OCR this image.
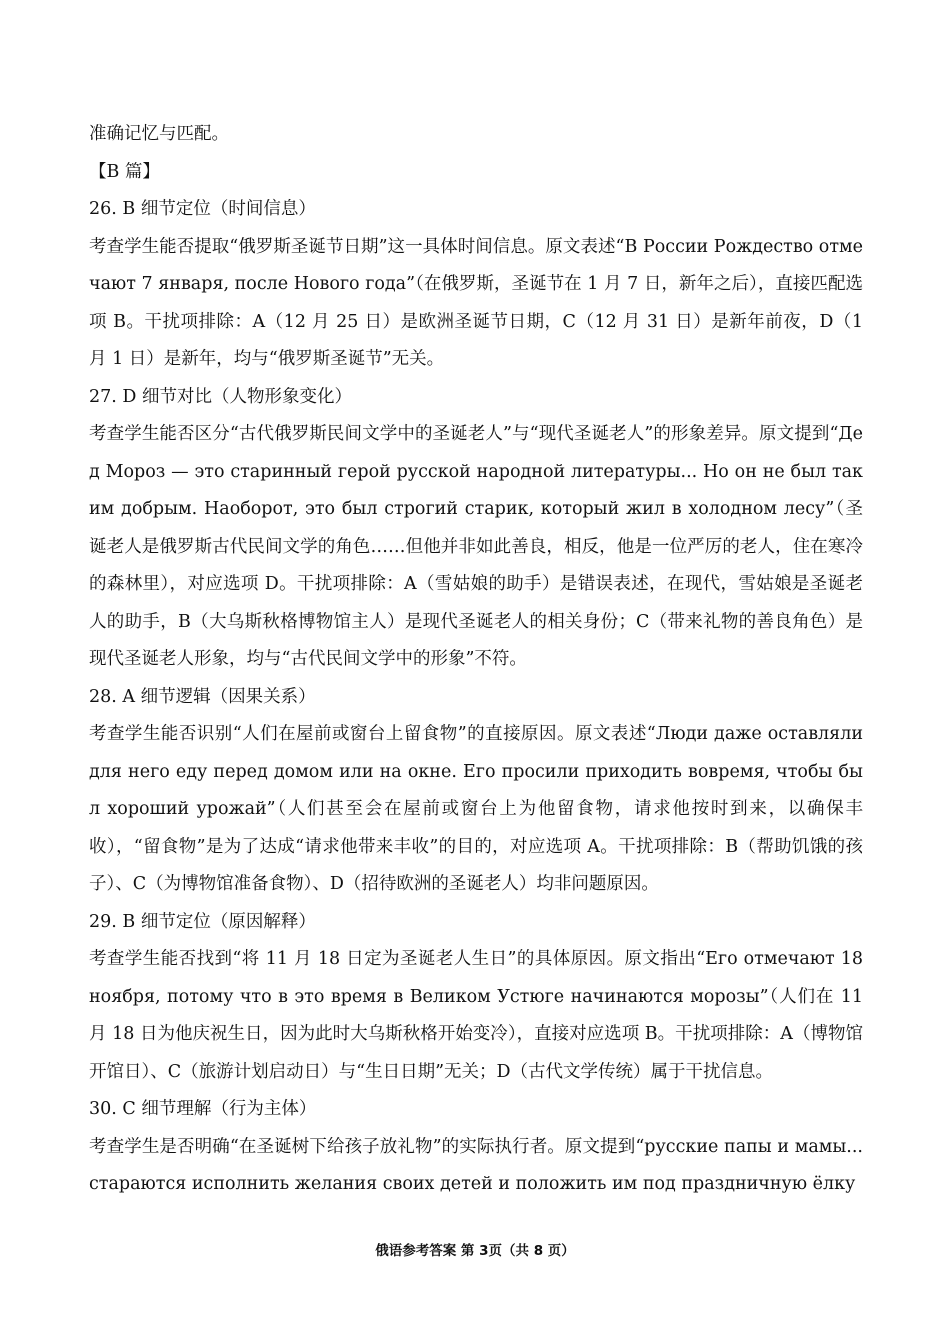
准确记忆与匹配。
【B 篇】
26. B 细节定位（时间信息）
考查学生能否提取“俄罗斯圣诞节日期”这一具体时间信息。原文表述“В России Рождество отмечают 7 января, после Нового года”（在俄罗斯，圣诞节在 1 月 7 日，新年之后），直接匹配选项 B。干扰项排除：A（12 月 25 日）是欧洲圣诞节日期，C（12 月 31 日）是新年前夜，D（1 月 1 日）是新年，均与“俄罗斯圣诞节”无关。
27. D 细节对比（人物形象变化）
考查学生能否区分“古代俄罗斯民间文学中的圣诞老人”与“现代圣诞老人”的形象差异。原文提到“Дед Мороз — это старинный герой русской народной литературы... Но он не был таким добрым. Наоборот, это был строгий старик, который жил в холодном лесу”（圣诞老人是俄罗斯古代民间文学的角色……但他并非如此善良，相反，他是一位严厉的老人，住在寒冷的森林里），对应选项 D。干扰项排除：A（雪姑娘的助手）是错误表述，在现代，雪姑娘是圣诞老人的助手，B（大乌斯秋格博物馆主人）是现代圣诞老人的相关身份；C（带来礼物的善良角色）是现代圣诞老人形象，均与“古代民间文学中的形象”不符。
28. A 细节逻辑（因果关系）
考查学生能否识别“人们在屋前或窗台上留食物”的直接原因。原文表述“Люди даже оставляли для него еду перед домом или на окне. Его просили приходить вовремя, чтобы был хороший урожай”（人们甚至会在屋前或窗台上为他留食物，请求他按时到来，以确保丰收），“留食物”是为了达成“请求他带来丰收”的目的，对应选项 A。干扰项排除：B（帮助饥饿的孩子）、C（为博物馆准备食物）、D（招待欧洲的圣诞老人）均非问题原因。
29. B 细节定位（原因解释）
考查学生能否找到“将 11 月 18 日定为圣诞老人生日”的具体原因。原文指出“Его отмечают 18 ноября, потому что в это время в Великом Устюге начинаются морозы”（人们在 11 月 18 日为他庆祝生日，因为此时大乌斯秋格开始变冷），直接对应选项 B。干扰项排除：A（博物馆开馆日）、C（旅游计划启动日）与“生日日期”无关；D（古代文学传统）属于干扰信息。
30. C 细节理解（行为主体）
考查学生是否明确“在圣诞树下给孩子放礼物”的实际执行者。原文提到“русские папы и мамы... стараются исполнить желания своих детей и положить им под праздничную ёлку
俄语参考答案 第 3页（共 8 页）
